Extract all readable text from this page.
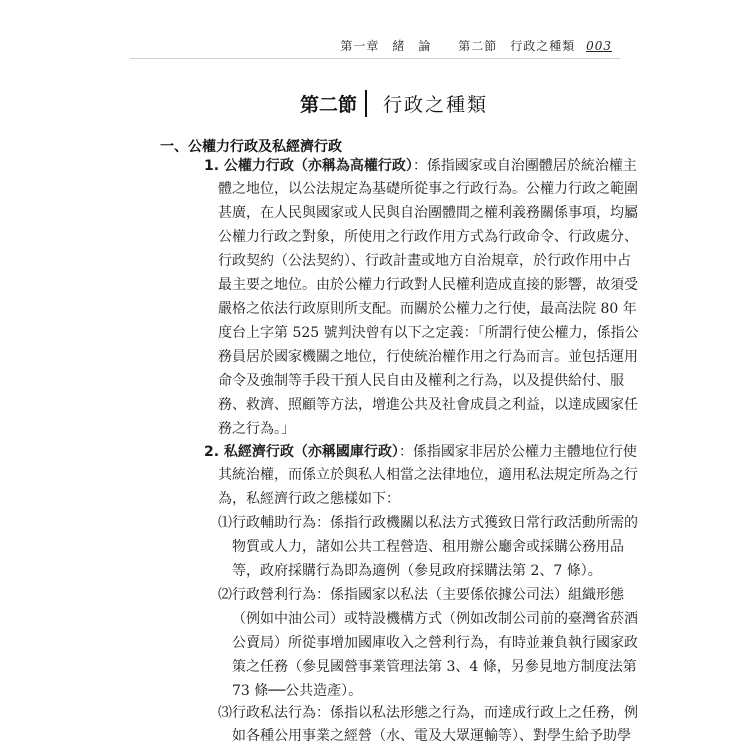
第一章　緒　論 第二節　行政之種類 003
第二節	行政之種類
一、公權力行政及私經濟行政
1. 公權力行政（亦稱為高權行政）：係指國家或自治團體居於統治權主
體之地位，以公法規定為基礎所從事之行政行為。公權力行政之範圍
甚廣，在人民與國家或人民與自治團體間之權利義務關係事項，均屬
公權力行政之對象，所使用之行政作用方式為行政命令、行政處分、
行政契約（公法契約）、行政計畫或地方自治規章，於行政作用中占
最主要之地位。由於公權力行政對人民權利造成直接的影響，故須受
嚴格之依法行政原則所支配。而關於公權力之行使，最高法院 80 年
度台上字第 525 號判決曾有以下之定義：「所謂行使公權力，係指公
務員居於國家機關之地位，行使統治權作用之行為而言。並包括運用
命令及強制等手段干預人民自由及權利之行為，以及提供給付、服
務、救濟、照顧等方法，增進公共及社會成員之利益，以達成國家任
務之行為。」
2. 私經濟行政（亦稱國庫行政）：係指國家非居於公權力主體地位行使
其統治權，而係立於與私人相當之法律地位，適用私法規定所為之行
為，私經濟行政之態樣如下：
⑴行政輔助行為：係指行政機關以私法方式獲致日常行政活動所需的
物質或人力，諸如公共工程營造、租用辦公廳舍或採購公務用品
等，政府採購行為即為適例（參見政府採購法第 2、7 條）。
⑵行政營利行為：係指國家以私法（主要係依據公司法）組織形態
（例如中油公司）或特設機構方式（例如改制公司前的臺灣省菸酒
公賣局）所從事增加國庫收入之營利行為，有時並兼負執行國家政
策之任務（參見國營事業管理法第 3、4 條，另參見地方制度法第
73 條──公共造產）。
⑶行政私法行為：係指以私法形態之行為，而達成行政上之任務，例
如各種公用事業之經營（水、電及大眾運輸等）、對學生給予助學
